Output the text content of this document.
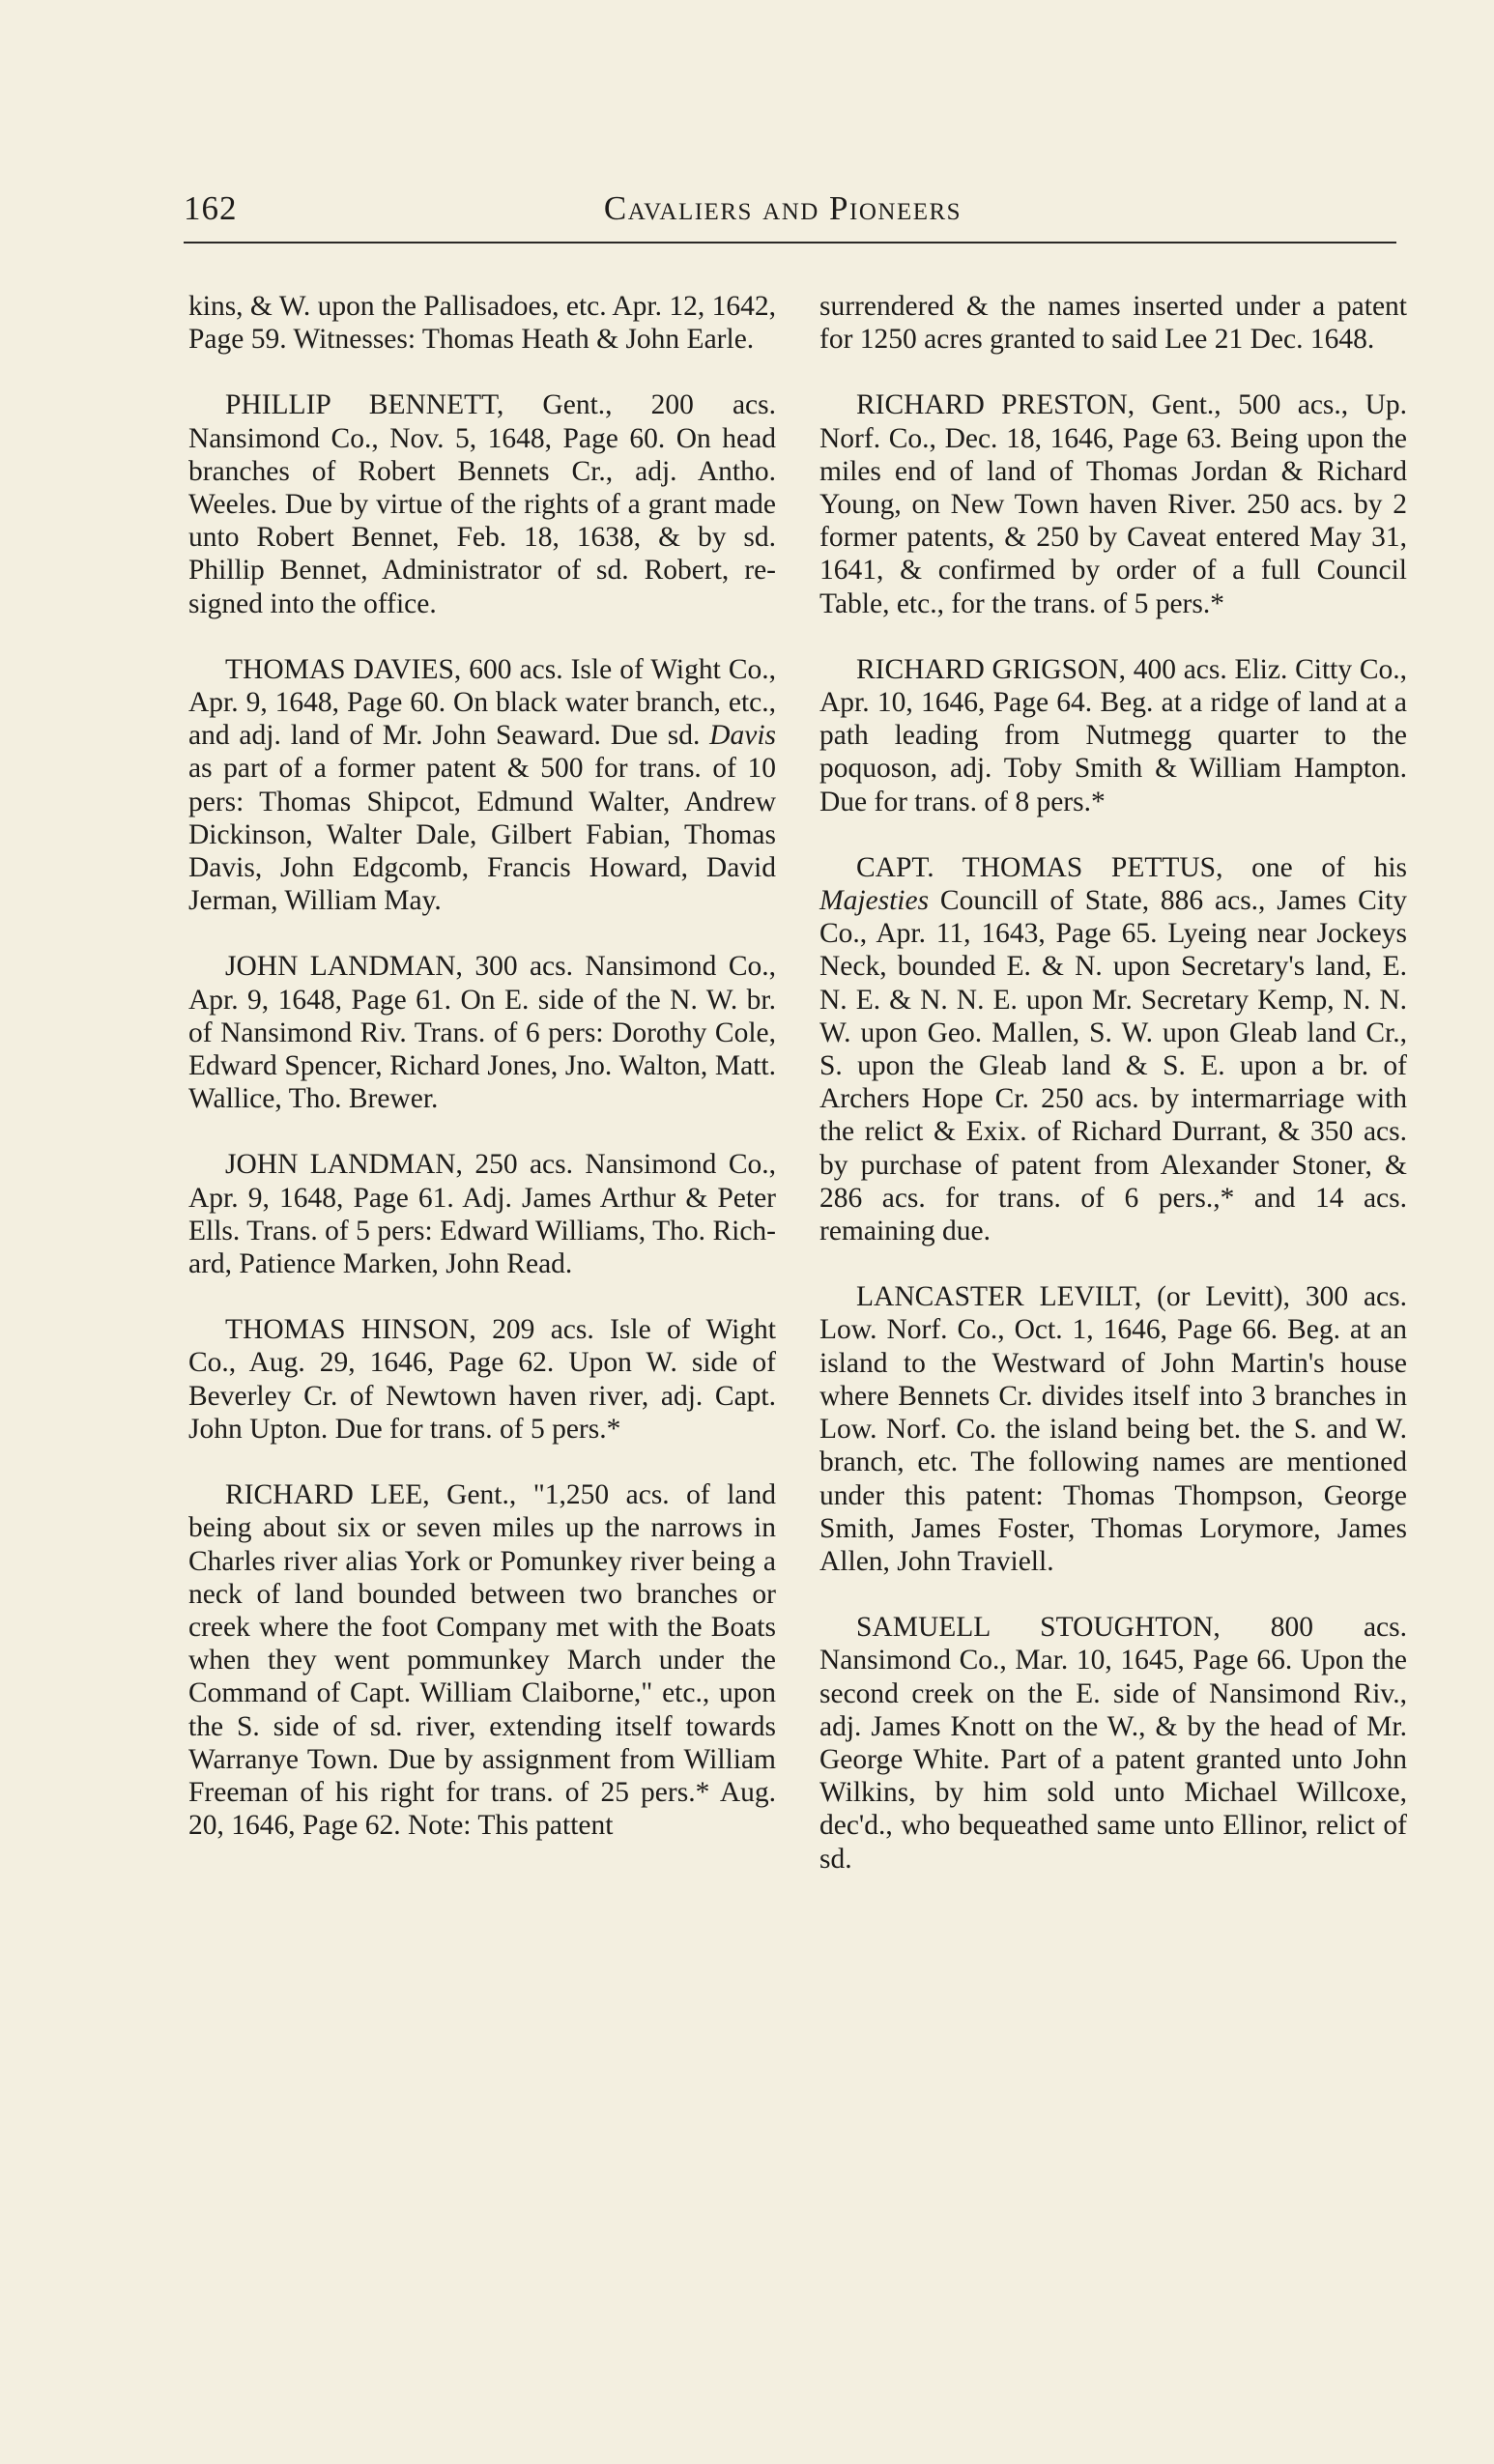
162	Cavaliers and Pioneers

kins, & W. upon the Pallisadoes, etc. Apr. 12, 1642, Page 59. Witnesses: Thomas Heath & John Earle.

PHILLIP BENNETT, Gent., 200 acs. Nansimond Co., Nov. 5, 1648, Page 60. On head branches of Robert Bennets Cr., adj. Antho. Weeles. Due by virtue of the rights of a grant made unto Robert Bennet, Feb. 18, 1638, & by sd. Phillip Bennet, Administrator of sd. Robert, resigned into the office.

THOMAS DAVIES, 600 acs. Isle of Wight Co., Apr. 9, 1648, Page 60. On black water branch, etc., and adj. land of Mr. John Seaward. Due sd. Davis as part of a former patent & 500 for trans. of 10 pers: Thomas Shipcot, Edmund Walter, Andrew Dickinson, Walter Dale, Gilbert Fabian, Thomas Davis, John Edgcomb, Francis Howard, David Jerman, William May.

JOHN LANDMAN, 300 acs. Nansimond Co., Apr. 9, 1648, Page 61. On E. side of the N. W. br. of Nansimond Riv. Trans. of 6 pers: Dorothy Cole, Edward Spencer, Richard Jones, Jno. Walton, Matt. Wallice, Tho. Brewer.

JOHN LANDMAN, 250 acs. Nansimond Co., Apr. 9, 1648, Page 61. Adj. James Arthur & Peter Ells. Trans. of 5 pers: Edward Williams, Tho. Richard, Patience Marken, John Read.

THOMAS HINSON, 209 acs. Isle of Wight Co., Aug. 29, 1646, Page 62. Upon W. side of Beverley Cr. of Newtown haven river, adj. Capt. John Upton. Due for trans. of 5 pers.*

RICHARD LEE, Gent., "1,250 acs. of land being about six or seven miles up the narrows in Charles river alias York or Pomunkey river being a neck of land bounded between two branches or creek where the foot Company met with the Boats when they went pommunkey March under the Command of Capt. William Claiborne," etc., upon the S. side of sd. river, extending itself towards Warranye Town. Due by assignment from William Freeman of his right for trans. of 25 pers.* Aug. 20, 1646, Page 62. Note: This pattent

surrendered & the names inserted under a patent for 1250 acres granted to said Lee 21 Dec. 1648.

RICHARD PRESTON, Gent., 500 acs., Up. Norf. Co., Dec. 18, 1646, Page 63. Being upon the miles end of land of Thomas Jordan & Richard Young, on New Town haven River. 250 acs. by 2 former patents, & 250 by Caveat entered May 31, 1641, & confirmed by order of a full Council Table, etc., for the trans. of 5 pers.*

RICHARD GRIGSON, 400 acs. Eliz. Citty Co., Apr. 10, 1646, Page 64. Beg. at a ridge of land at a path leading from Nutmegg quarter to the poquoson, adj. Toby Smith & William Hampton. Due for trans. of 8 pers.*

CAPT. THOMAS PETTUS, one of his Majesties Councill of State, 886 acs., James City Co., Apr. 11, 1643, Page 65. Lyeing near Jockeys Neck, bounded E. & N. upon Secretary's land, E. N. E. & N. N. E. upon Mr. Secretary Kemp, N. N. W. upon Geo. Mallen, S. W. upon Gleab land Cr., S. upon the Gleab land & S. E. upon a br. of Archers Hope Cr. 250 acs. by intermarriage with the relict & Exix. of Richard Durrant, & 350 acs. by purchase of patent from Alexander Stoner, & 286 acs. for trans. of 6 pers.,* and 14 acs. remaining due.

LANCASTER LEVILT, (or Levitt), 300 acs. Low. Norf. Co., Oct. 1, 1646, Page 66. Beg. at an island to the Westward of John Martin's house where Bennets Cr. divides itself into 3 branches in Low. Norf. Co. the island being bet. the S. and W. branch, etc. The following names are mentioned under this patent: Thomas Thompson, George Smith, James Foster, Thomas Lorymore, James Allen, John Traviell.

SAMUELL STOUGHTON, 800 acs. Nansimond Co., Mar. 10, 1645, Page 66. Upon the second creek on the E. side of Nansimond Riv., adj. James Knott on the W., & by the head of Mr. George White. Part of a patent granted unto John Wilkins, by him sold unto Michael Willcoxe, dec'd., who bequeathed same unto Ellinor, relict of sd.
